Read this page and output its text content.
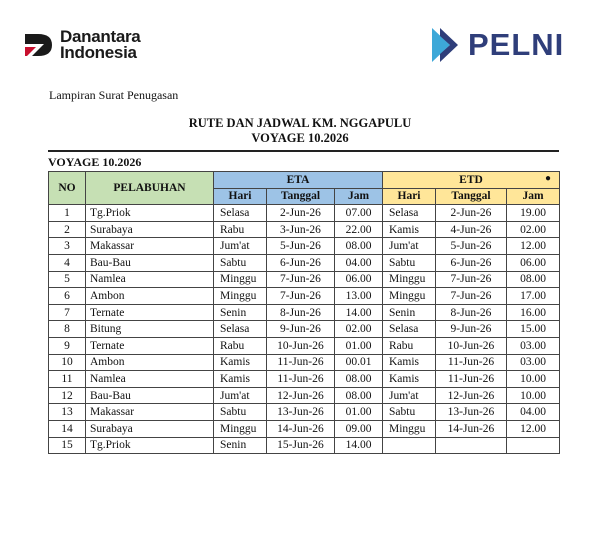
Danantara
Indonesia	PELNI
Lampiran Surat Penugasan
RUTE DAN JADWAL KM. NGGAPULU
VOYAGE 10.2026
VOYAGE 10.2026
NO	PELABUHAN	ETA			ETD ●		

		Hari	Tanggal	Jam	Hari	Tanggal	Jam
1	Tg.Priok	Selasa	2-Jun-26	07.00	Selasa	2-Jun-26	19.00
2	Surabaya	Rabu	3-Jun-26	22.00	Kamis	4-Jun-26	02.00
3	Makassar	Jum'at	5-Jun-26	08.00	Jum'at	5-Jun-26	12.00
4	Bau-Bau	Sabtu	6-Jun-26	04.00	Sabtu	6-Jun-26	06.00
5	Namlea	Minggu	7-Jun-26	06.00	Minggu	7-Jun-26	08.00
6	Ambon	Minggu	7-Jun-26	13.00	Minggu	7-Jun-26	17.00
7	Ternate	Senin	8-Jun-26	14.00	Senin	8-Jun-26	16.00
8	Bitung	Selasa	9-Jun-26	02.00	Selasa	9-Jun-26	15.00
9	Ternate	Rabu	10-Jun-26	01.00	Rabu	10-Jun-26	03.00
10	Ambon	Kamis	11-Jun-26	00.01	Kamis	11-Jun-26	03.00
11	Namlea	Kamis	11-Jun-26	08.00	Kamis	11-Jun-26	10.00
12	Bau-Bau	Jum'at	12-Jun-26	08.00	Jum'at	12-Jun-26	10.00
13	Makassar	Sabtu	13-Jun-26	01.00	Sabtu	13-Jun-26	04.00
14	Surabaya	Minggu	14-Jun-26	09.00	Minggu	14-Jun-26	12.00
15	Tg.Priok	Senin	15-Jun-26	14.00			
